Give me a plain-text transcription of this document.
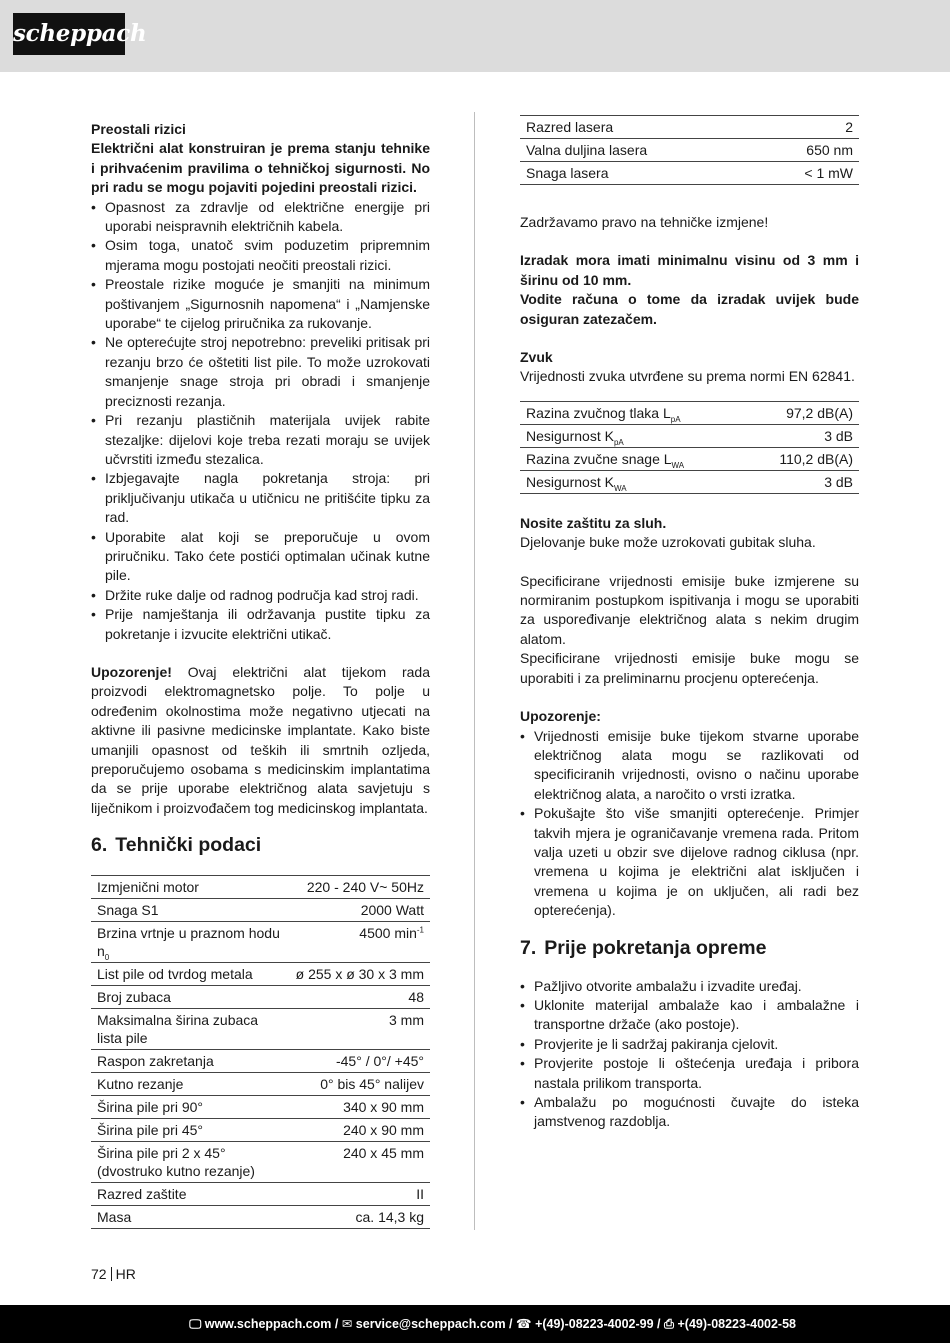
scheppach

Preostali rizici

Električni alat konstruiran je prema stanju tehnike i prihvaćenim pravilima o tehničkoj sigurnosti. No pri radu se mogu pojaviti pojedini preostali rizici.

• Opasnost za zdravlje od električne energije pri uporabi neispravnih električnih kabela.
• Osim toga, unatoč svim poduzetim pripremnim mjerama mogu postojati neočiti preostali rizici.
• Preostale rizike moguće je smanjiti na minimum poštivanjem „Sigurnosnih napomena“ i „Namjenske uporabe“ te cijelog priručnika za rukovanje.
• Ne opterećujte stroj nepotrebno: preveliki pritisak pri rezanju brzo će oštetiti list pile. To može uzrokovati smanjenje snage stroja pri obradi i smanjenje preciznosti rezanja.
• Pri rezanju plastičnih materijala uvijek rabite stezaljke: dijelovi koje treba rezati moraju se uvijek učvrstiti između stezalica.
• Izbjegavajte nagla pokretanja stroja: pri priključivanju utikača u utičnicu ne pritišćite tipku za rad.
• Uporabite alat koji se preporučuje u ovom priručniku. Tako ćete postići optimalan učinak kutne pile.
• Držite ruke dalje od radnog područja kad stroj radi.
• Prije namještanja ili održavanja pustite tipku za pokretanje i izvucite električni utikač.

Upozorenje! Ovaj električni alat tijekom rada proizvodi elektromagnetsko polje. To polje u određenim okolnostima može negativno utjecati na aktivne ili pasivne medicinske implantate. Kako biste umanjili opasnost od teških ili smrtnih ozljeda, preporučujemo osobama s medicinskim implantatima da se prije uporabe električnog alata savjetuju s liječnikom i proizvođačem tog medicinskog implantata.

6. Tehnički podaci
Izmjenični motor	220 - 240 V~ 50Hz
Snaga S1	2000 Watt
Brzina vrtnje u praznom hodu $n_0$	4500 $\min^{-1}$
List pile od tvrdog metala	ø 255 x ø 30 x 3 mm
Broj zubaca	48
Maksimalna širina zubaca lista pile	3 mm
Raspon zakretanja	-45° / 0°/ +45°
Kutno rezanje	0° bis 45° nalijev
Širina pile pri 90°	340 x 90 mm
Širina pile pri 45°	240 x 90 mm
Širina pile pri 2 x 45° (dvostruko kutno rezanje)	240 x 45 mm
Razred zaštite	II
Masa	ca. 14,3 kg
Razred lasera	2
Valna duljina lasera	650 nm
Snaga lasera	< 1 mW

Zadržavamo pravo na tehničke izmjene!

Izradak mora imati minimalnu visinu od 3 mm i širinu od 10 mm.

Vodite računa o tome da izradak uvijek bude osiguran zatezačem.

Zvuk

Vrijednosti zvuka utvrđene su prema normi EN 62841.

Razina zvučnog tlaka $L_{pA}$	97,2 dB(A)
Nesigurnost $K_{pA}$	3 dB
Razina zvučne snage $L_{WA}$	110,2 dB(A)
Nesigurnost $K_{WA}$	3 dB

Nosite zaštitu za sluh.

Djelovanje buke može uzrokovati gubitak sluha.

Specificirane vrijednosti emisije buke izmjerene su normiranim postupkom ispitivanja i mogu se uporabiti za uspoređivanje električnog alata s nekim drugim alatom.

Specificirane vrijednosti emisije buke mogu se uporabiti i za preliminarnu procjenu opterećenja.

Upozorenje:

• Vrijednosti emisije buke tijekom stvarne uporabe električnog alata mogu se razlikovati od specificiranih vrijednosti, ovisno o načinu uporabe električnog alata, a naročito o vrsti izratka.
• Pokušajte što više smanjiti opterećenje. Primjer takvih mjera je ograničavanje vremena rada. Pritom valja uzeti u obzir sve dijelove radnog ciklusa (npr. vremena u kojima je električni alat isključen i vremena u kojima je on uključen, ali radi bez opterećenja).
7. Prije pokretanja opreme
• Pažljivo otvorite ambalažu i izvadite uređaj.
• Uklonite materijal ambalaže kao i ambalažne i transportne držače (ako postoje).
• Provjerite je li sadržaj pakiranja cjelovit.
• Provjerite postoje li oštećenja uređaja i pribora nastala prilikom transporta.
• Ambalažu po mogućnosti čuvajte do isteka jamstvenog razdoblja.
72 HR
🖵 www.scheppach.com / ✉ service@scheppach.com / ☎ +(49)-08223-4002-99 / ⎙ +(49)-08223-4002-58
